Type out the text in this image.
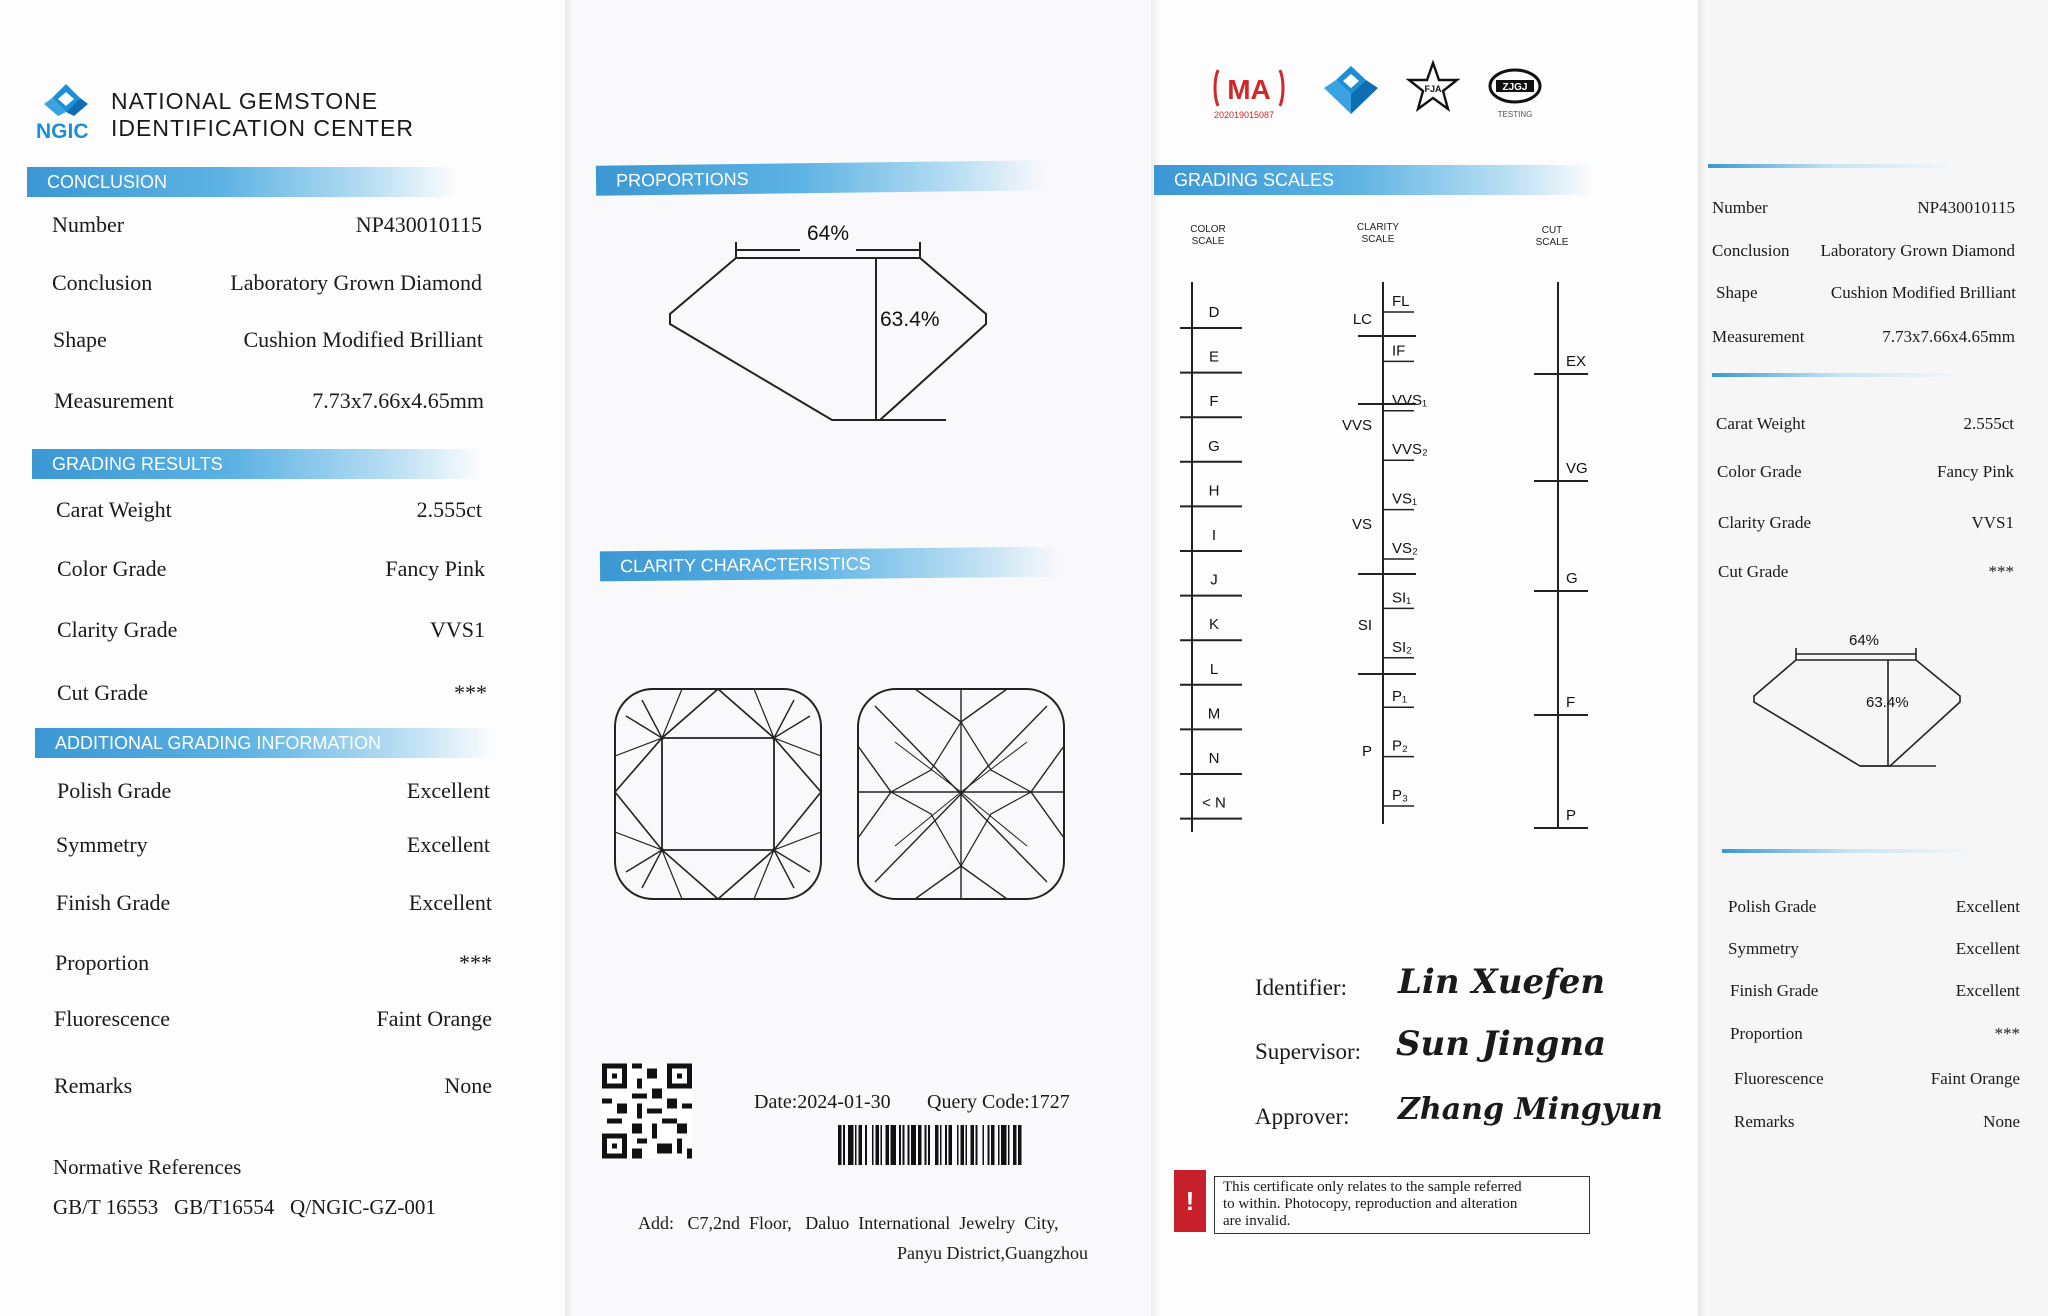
NGIC
NATIONAL GEMSTONE
IDENTIFICATION CENTER
CONCLUSION
Number	NP430010115
Conclusion	Laboratory Grown Diamond
Shape	Cushion Modified Brilliant
Measurement	7.73x7.66x4.65mm
GRADING RESULTS
Carat Weight	2.555ct
Color Grade	Fancy Pink
Clarity Grade	VVS1
Cut Grade	***
ADDITIONAL GRADING INFORMATION
Polish Grade	Excellent
Symmetry	Excellent
Finish Grade	Excellent
Proportion	***
Fluorescence	Faint Orange
Remarks	None
Normative References
GB/T 16553   GB/T16554   Q/NGIC-GZ-001
PROPORTIONS
64%
63.4%
CLARITY CHARACTERISTICS
Date:2024-01-30 Query Code:1727
Add:   C7,2nd  Floor,   Daluo  International  Jewelry  City,
Panyu District,Guangzhou
MA
202019015087
FJA	ZJGJ
TESTING
GRADING SCALES
COLOR
SCALE
CLARITY
SCALE
CUT
SCALE
D
E
F
G
H
I
J
K
L
M
N
< N
FL
IF
VVS₁
VVS₂
VS₁
VS₂
SI₁
SI₂
P₁
P₂
P₃
LC
VVS
VS
SI
P
EX
VG
G
F
P
Identifier: Lin Xuefen
Supervisor: Sun Jingna
Approver: Zhang Mingyun
!	This certificate only relates to the sample referred
to within. Photocopy, reproduction and alteration
are invalid.
Number	NP430010115
Conclusion Laboratory Grown Diamond
Shape	Cushion Modified Brilliant
Measurement	7.73x7.66x4.65mm
Carat Weight	2.555ct
Color Grade	Fancy Pink
Clarity Grade	VVS1
Cut Grade	***
64%
63.4%
Polish Grade	Excellent
Symmetry	Excellent
Finish Grade	Excellent
Proportion	***
Fluorescence	Faint Orange
Remarks	None
